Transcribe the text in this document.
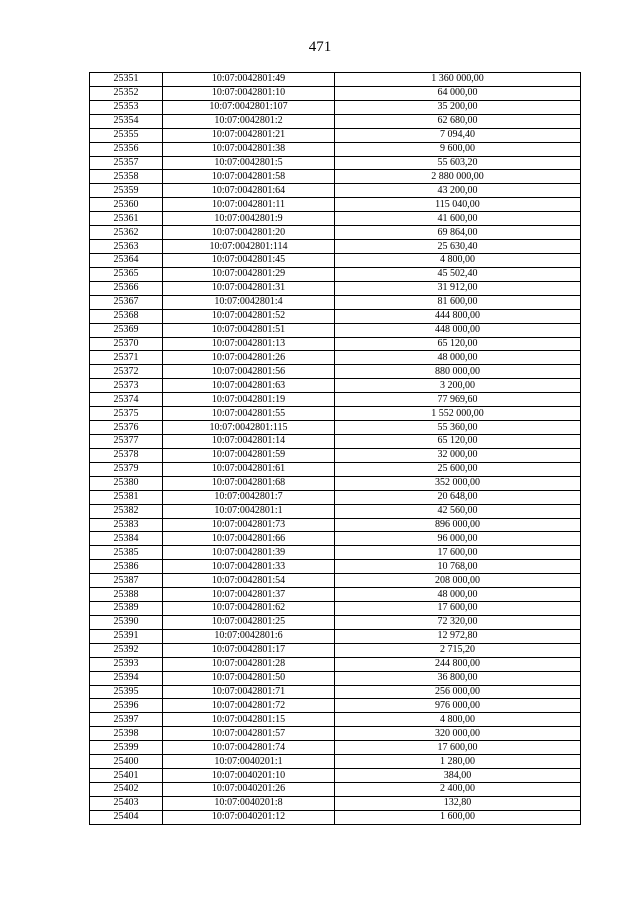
471
25351	10:07:0042801:49	1 360 000,00
25352	10:07:0042801:10	64 000,00
25353	10:07:0042801:107	35 200,00
25354	10:07:0042801:2	62 680,00
25355	10:07:0042801:21	7 094,40
25356	10:07:0042801:38	9 600,00
25357	10:07:0042801:5	55 603,20
25358	10:07:0042801:58	2 880 000,00
25359	10:07:0042801:64	43 200,00
25360	10:07:0042801:11	115 040,00
25361	10:07:0042801:9	41 600,00
25362	10:07:0042801:20	69 864,00
25363	10:07:0042801:114	25 630,40
25364	10:07:0042801:45	4 800,00
25365	10:07:0042801:29	45 502,40
25366	10:07:0042801:31	31 912,00
25367	10:07:0042801:4	81 600,00
25368	10:07:0042801:52	444 800,00
25369	10:07:0042801:51	448 000,00
25370	10:07:0042801:13	65 120,00
25371	10:07:0042801:26	48 000,00
25372	10:07:0042801:56	880 000,00
25373	10:07:0042801:63	3 200,00
25374	10:07:0042801:19	77 969,60
25375	10:07:0042801:55	1 552 000,00
25376	10:07:0042801:115	55 360,00
25377	10:07:0042801:14	65 120,00
25378	10:07:0042801:59	32 000,00
25379	10:07:0042801:61	25 600,00
25380	10:07:0042801:68	352 000,00
25381	10:07:0042801:7	20 648,00
25382	10:07:0042801:1	42 560,00
25383	10:07:0042801:73	896 000,00
25384	10:07:0042801:66	96 000,00
25385	10:07:0042801:39	17 600,00
25386	10:07:0042801:33	10 768,00
25387	10:07:0042801:54	208 000,00
25388	10:07:0042801:37	48 000,00
25389	10:07:0042801:62	17 600,00
25390	10:07:0042801:25	72 320,00
25391	10:07:0042801:6	12 972,80
25392	10:07:0042801:17	2 715,20
25393	10:07:0042801:28	244 800,00
25394	10:07:0042801:50	36 800,00
25395	10:07:0042801:71	256 000,00
25396	10:07:0042801:72	976 000,00
25397	10:07:0042801:15	4 800,00
25398	10:07:0042801:57	320 000,00
25399	10:07:0042801:74	17 600,00
25400	10:07:0040201:1	1 280,00
25401	10:07:0040201:10	384,00
25402	10:07:0040201:26	2 400,00
25403	10:07:0040201:8	132,80
25404	10:07:0040201:12	1 600,00
